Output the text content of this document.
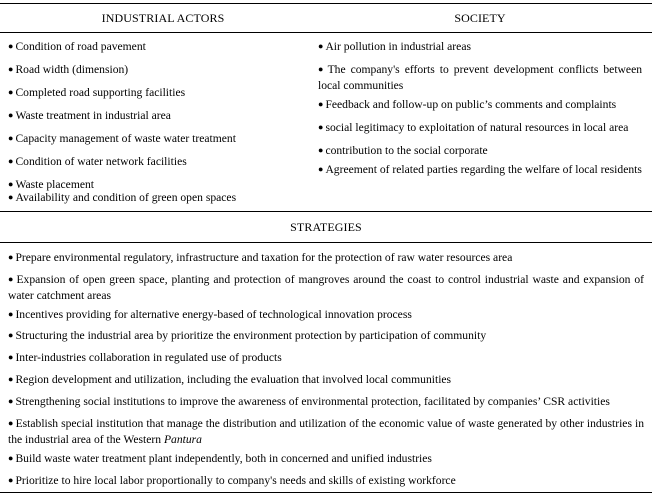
INDUSTRIAL ACTORS	SOCIETY
● Condition of road pavement
● Road width (dimension)
● Completed road supporting facilities
● Waste treatment in industrial area
● Capacity management of waste water treatment
● Condition of water network facilities
● Waste placement
● Availability and condition of green open spaces
● Air pollution in industrial areas
● The company's efforts to prevent development conflicts between local communities
● Feedback and follow-up on public’s comments and complaints
● social legitimacy to exploitation of natural resources in local area
● contribution to the social corporate
● Agreement of related parties regarding the welfare of local residents
STRATEGIES
● Prepare environmental regulatory, infrastructure and taxation for the protection of raw water resources area
● Expansion of open green space, planting and protection of mangroves around the coast to control industrial waste and expansion of water catchment areas
● Incentives providing for alternative energy-based of technological innovation process
● Structuring the industrial area by prioritize the environment protection by participation of community
● Inter-industries collaboration in regulated use of products
● Region development and utilization, including the evaluation that involved local communities
● Strengthening social institutions to improve the awareness of environmental protection, facilitated by companies’ CSR activities
● Establish special institution that manage the distribution and utilization of the economic value of waste generated by other industries in the industrial area of the Western Pantura
● Build waste water treatment plant independently, both in concerned and unified industries
● Prioritize to hire local labor proportionally to company's needs and skills of existing workforce
